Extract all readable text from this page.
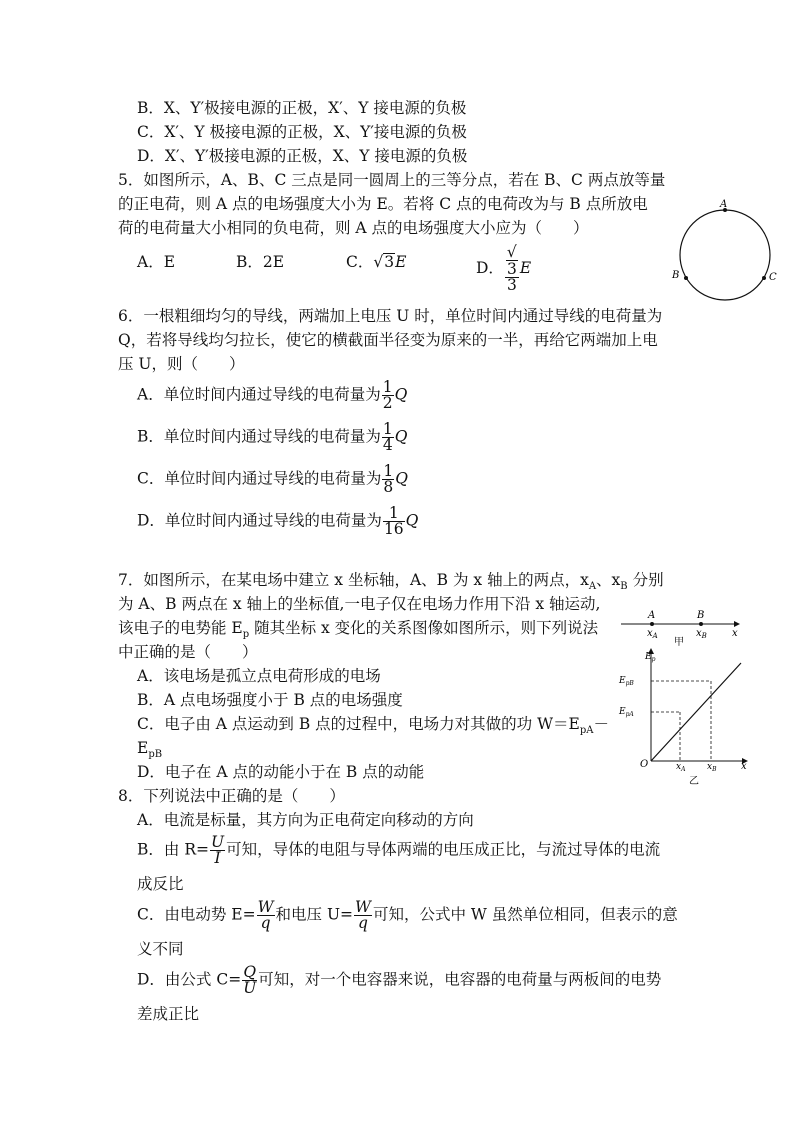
B．X、Y′极接电源的正极，X′、Y 接电源的负极
C．X′、Y 极接电源的正极，X、Y′接电源的负极
D．X′、Y′极接电源的正极，X、Y 接电源的负极
5．如图所示，A、B、C 三点是同一圆周上的三等分点，若在 B、C 两点放等量
的正电荷，则 A 点的电场强度大小为 E。若将 C 点的电荷改为与 B 点所放电
荷的电荷量大小相同的负电荷，则 A 点的电场强度大小应为（　　）
A．E	B．2E	C．√3E	D． √
3
3 E
A
B	C
6．一根粗细均匀的导线，两端加上电压 U 时，单位时间内通过导线的电荷量为
Q，若将导线均匀拉长，使它的横截面半径变为原来的一半，再给它两端加上电
压 U，则（　　）
A．单位时间内通过导线的电荷量为 $\frac{1}{2}$ Q
B．单位时间内通过导线的电荷量为 $\frac{1}{4}$ Q
C．单位时间内通过导线的电荷量为 $\frac{1}{8}$ Q
D．单位时间内通过导线的电荷量为 $\frac{1}{16}$ Q
7．如图所示，在某电场中建立 x 坐标轴，A、B 为 x 轴上的两点，$x_A$、$x_B$ 分别
为 A、B 两点在 x 轴上的坐标值,一电子仅在电场力作用下沿 x 轴运动,
该电子的电势能 $E_p$ 随其坐标 x 变化的关系图像如图所示，则下列说法
中正确的是（　　）
A．该电场是孤立点电荷形成的电场
B．A 点电场强度小于 B 点的电场强度
C．电子由 A 点运动到 B 点的过程中，电场力对其做的功 $W=E_{pA}-$
$E_{pB}$
D．电子在 A 点的动能小于在 B 点的动能
A	B
$x_A$	$x_B$	x
甲
$E_p$
$E_{pB}$
$E_{pA}$
O	$x_A$ $x_B$ x
乙
8．下列说法中正确的是（　　）
A．电流是标量，其方向为正电荷定向移动的方向
B．由 $R= \frac{U}{I}$ 可知，导体的电阻与导体两端的电压成正比，与流过导体的电流
成反比
C．由电动势 $E= \frac{W}{q}$ 和电压 $U= \frac{W}{q}$ 可知，公式中 W 虽然单位相同，但表示的意
义不同
D．由公式 $C= \frac{Q}{U}$ 可知，对一个电容器来说，电容器的电荷量与两板间的电势
差成正比
